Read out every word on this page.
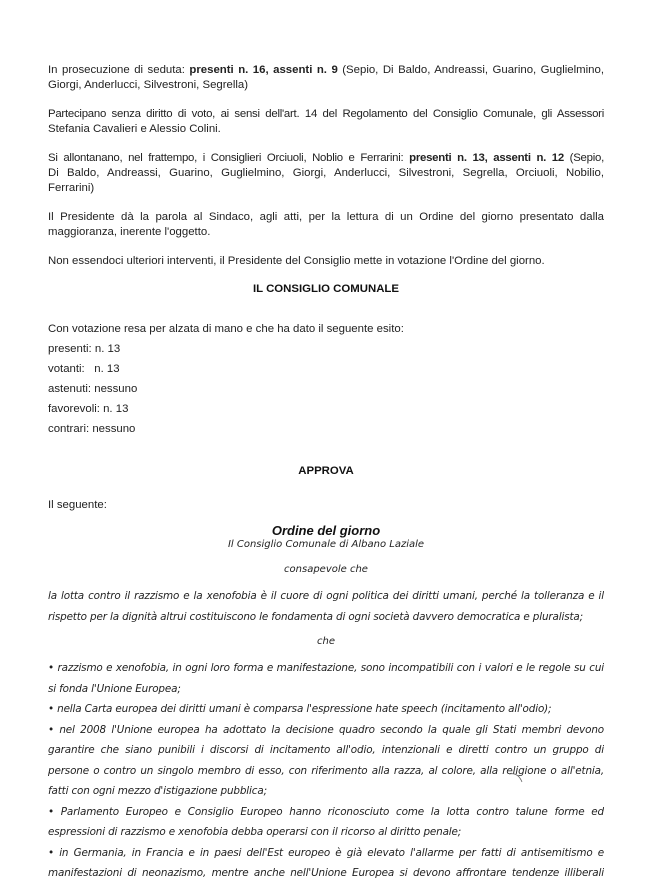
In prosecuzione di seduta: presenti n. 16, assenti n. 9 (Sepio, Di Baldo, Andreassi, Guarino, Guglielmino,
Giorgi, Anderlucci, Silvestroni, Segrella)
Partecipano senza diritto di voto, ai sensi dell'art. 14 del Regolamento del Consiglio Comunale, gli Assessori
Stefania Cavalieri e Alessio Colini.
Si allontanano, nel frattempo, i Consiglieri Orciuoli, Noblio e Ferrarini: presenti n. 13, assenti n. 12 (Sepio,
Di Baldo, Andreassi, Guarino, Guglielmino, Giorgi, Anderlucci, Silvestroni, Segrella, Orciuoli, Nobilio,
Ferrarini)
Il Presidente dà la parola al Sindaco, agli atti, per la lettura di un Ordine del giorno presentato dalla
maggioranza, inerente l'oggetto.
Non essendoci ulteriori interventi, il Presidente del Consiglio mette in votazione l'Ordine del giorno.
IL CONSIGLIO COMUNALE
Con votazione resa per alzata di mano e che ha dato il seguente esito:
presenti: n. 13
votanti:   n. 13
astenuti: nessuno
favorevoli: n. 13
contrari: nessuno
APPROVA
Il seguente:
Ordine del giorno
Il Consiglio Comunale di Albano Laziale
consapevole che
la lotta contro il razzismo e la xenofobia è il cuore di ogni politica dei diritti umani, perché la tolleranza e il
rispetto per la dignità altrui costituiscono le fondamenta di ogni società davvero democratica e pluralista;
che
• razzismo e xenofobia, in ogni loro forma e manifestazione, sono incompatibili con i valori e le regole su cui
si fonda l'Unione Europea;
• nella Carta europea dei diritti umani è comparsa l'espressione hate speech (incitamento all'odio);
• nel 2008 l'Unione europea ha adottato la decisione quadro secondo la quale gli Stati membri devono
garantire che siano punibili i discorsi di incitamento all'odio, intenzionali e diretti contro un gruppo di
persone o contro un singolo membro di esso, con riferimento alla razza, al colore, alla religione o all'etnia,
fatti con ogni mezzo d'istigazione pubblica;
• Parlamento Europeo e Consiglio Europeo hanno riconosciuto come la lotta contro talune forme ed
espressioni di razzismo e xenofobia debba operarsi con il ricorso al diritto penale;
• in Germania, in Francia e in paesi dell'Est europeo è già elevato l'allarme per fatti di antisemitismo e
manifestazioni di neonazismo, mentre anche nell'Unione Europea si devono affrontare tendenze illiberali
